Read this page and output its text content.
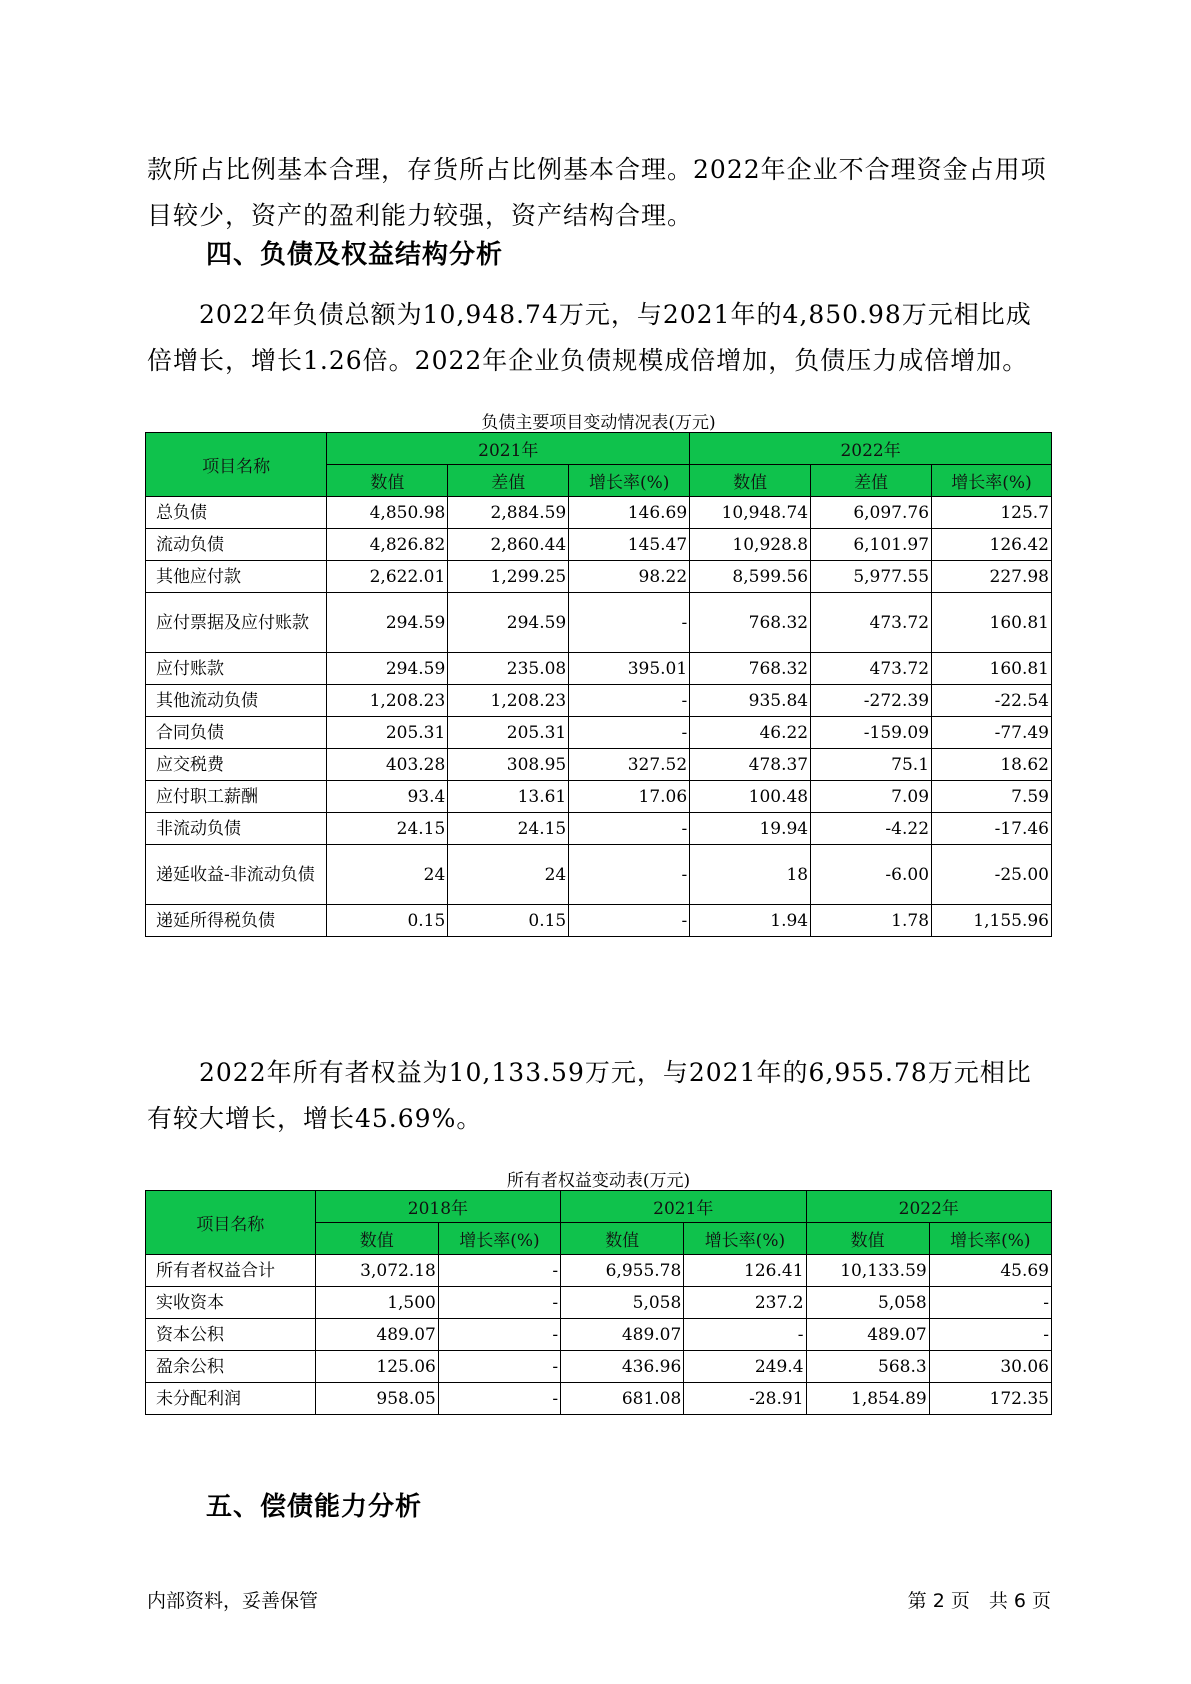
款所占比例基本合理，存货所占比例基本合理。2022年企业不合理资金占用项目较少，资产的盈利能力较强，资产结构合理。

四、负债及权益结构分析

2022年负债总额为10,948.74万元，与2021年的4,850.98万元相比成倍增长，增长1.26倍。2022年企业负债规模成倍增加，负债压力成倍增加。

负债主要项目变动情况表(万元)

项目名称	2021年			2022年		
	数值	差值	增长率(%)	数值	差值	增长率(%)
总负债	4,850.98	2,884.59	146.69	10,948.74	6,097.76	125.7
流动负债	4,826.82	2,860.44	145.47	10,928.8	6,101.97	126.42
其他应付款	2,622.01	1,299.25	98.22	8,599.56	5,977.55	227.98
应付票据及应付账款	294.59	294.59	-	768.32	473.72	160.81
应付账款	294.59	235.08	395.01	768.32	473.72	160.81
其他流动负债	1,208.23	1,208.23	-	935.84	-272.39	-22.54
合同负债	205.31	205.31	-	46.22	-159.09	-77.49
应交税费	403.28	308.95	327.52	478.37	75.1	18.62
应付职工薪酬	93.4	13.61	17.06	100.48	7.09	7.59
非流动负债	24.15	24.15	-	19.94	-4.22	-17.46
递延收益-非流动负债	24	24	-	18	-6.00	-25.00
递延所得税负债	0.15	0.15	-	1.94	1.78	1,155.96

2022年所有者权益为10,133.59万元，与2021年的6,955.78万元相比有较大增长，增长45.69%。

所有者权益变动表(万元)

项目名称	2018年		2021年		2022年	
	数值	增长率(%)	数值	增长率(%)	数值	增长率(%)
所有者权益合计	3,072.18	-	6,955.78	126.41	10,133.59	45.69
实收资本	1,500	-	5,058	237.2	5,058	-
资本公积	489.07	-	489.07	-	489.07	-
盈余公积	125.06	-	436.96	249.4	568.3	30.06
未分配利润	958.05	-	681.08	-28.91	1,854.89	172.35
五、偿债能力分析
内部资料，妥善保管	第 2 页　共 6 页
